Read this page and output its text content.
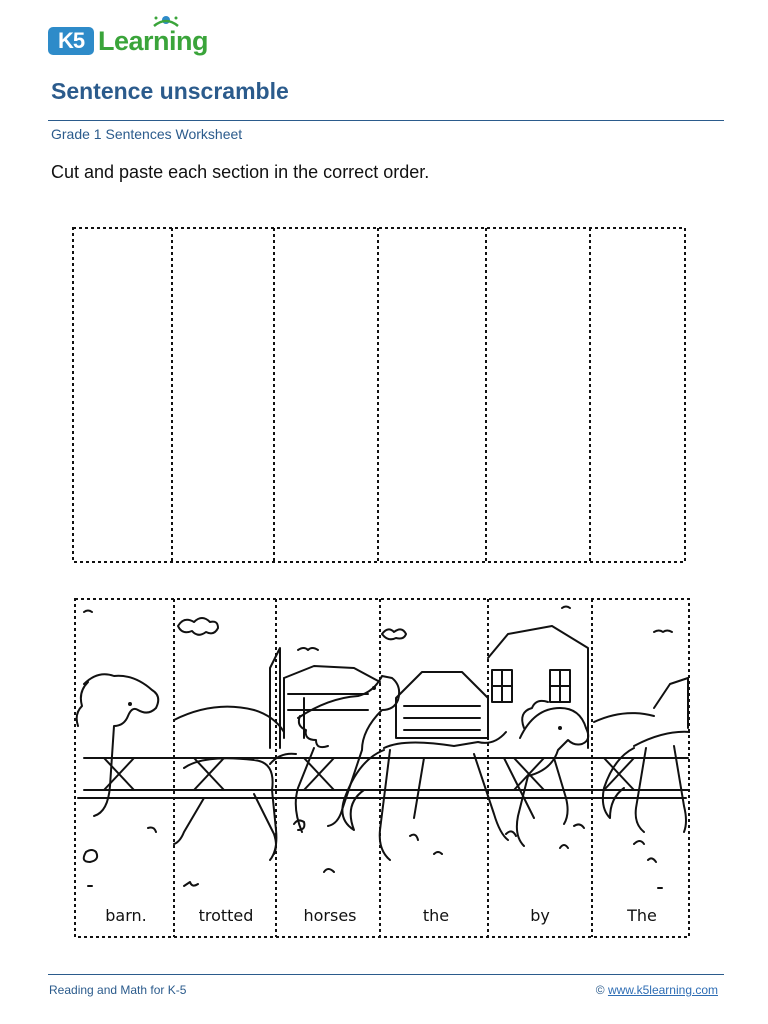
K5 Learning
Sentence unscramble
Grade 1 Sentences Worksheet
Cut and paste each section in the correct order.
barn.	trotted	horses	the	by	The
Reading and Math for K-5	© www.k5learning.com
